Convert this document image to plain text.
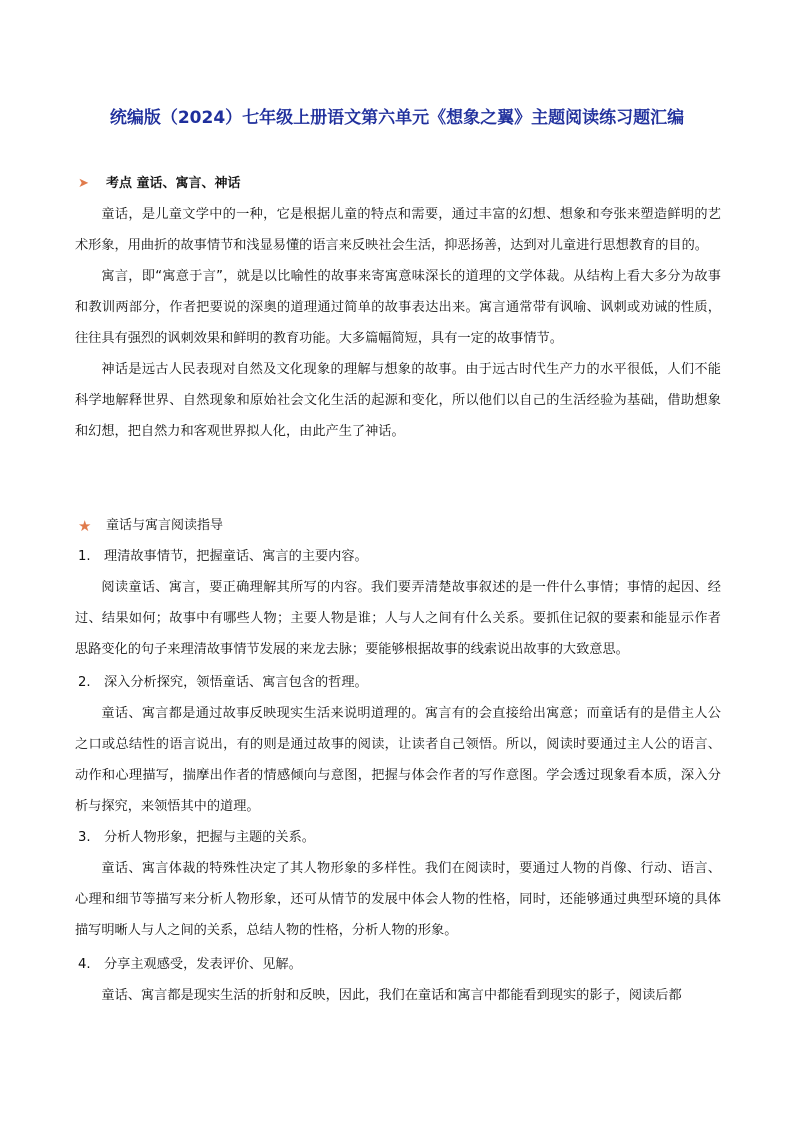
统编版（2024）七年级上册语文第六单元《想象之翼》主题阅读练习题汇编
➤	考点 童话、寓言、神话

童话，是儿童文学中的一种，它是根据儿童的特点和需要，通过丰富的幻想、想象和夸张来塑造鲜明的艺术形象，用曲折的故事情节和浅显易懂的语言来反映社会生活，抑恶扬善，达到对儿童进行思想教育的目的。

寓言，即“寓意于言”，就是以比喻性的故事来寄寓意味深长的道理的文学体裁。从结构上看大多分为故事和教训两部分，作者把要说的深奥的道理通过简单的故事表达出来。寓言通常带有讽喻、讽刺或劝诫的性质，往往具有强烈的讽刺效果和鲜明的教育功能。大多篇幅简短，具有一定的故事情节。

神话是远古人民表现对自然及文化现象的理解与想象的故事。由于远古时代生产力的水平很低，人们不能科学地解释世界、自然现象和原始社会文化生活的起源和变化，所以他们以自己的生活经验为基础，借助想象和幻想，把自然力和客观世界拟人化，由此产生了神话。

★	童话与寓言阅读指导
1.	理清故事情节，把握童话、寓言的主要内容。

阅读童话、寓言，要正确理解其所写的内容。我们要弄清楚故事叙述的是一件什么事情；事情的起因、经过、结果如何；故事中有哪些人物；主要人物是谁；人与人之间有什么关系。要抓住记叙的要素和能显示作者思路变化的句子来理清故事情节发展的来龙去脉；要能够根据故事的线索说出故事的大致意思。

2.	深入分析探究，领悟童话、寓言包含的哲理。

童话、寓言都是通过故事反映现实生活来说明道理的。寓言有的会直接给出寓意；而童话有的是借主人公之口或总结性的语言说出，有的则是通过故事的阅读，让读者自己领悟。所以，阅读时要通过主人公的语言、动作和心理描写，揣摩出作者的情感倾向与意图，把握与体会作者的写作意图。学会透过现象看本质，深入分析与探究，来领悟其中的道理。

3.	分析人物形象，把握与主题的关系。

童话、寓言体裁的特殊性决定了其人物形象的多样性。我们在阅读时，要通过人物的肖像、行动、语言、心理和细节等描写来分析人物形象，还可从情节的发展中体会人物的性格，同时，还能够通过典型环境的具体描写明晰人与人之间的关系，总结人物的性格，分析人物的形象。

4.	分享主观感受，发表评价、见解。

童话、寓言都是现实生活的折射和反映，因此，我们在童话和寓言中都能看到现实的影子，阅读后都
